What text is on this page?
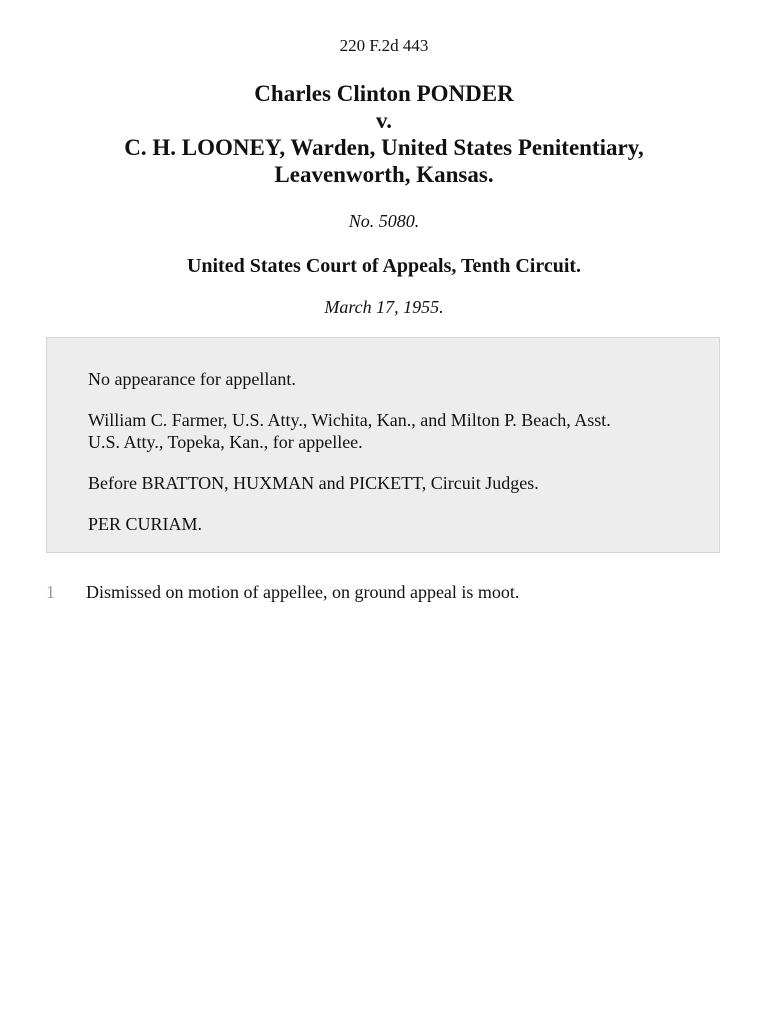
220 F.2d 443
Charles Clinton PONDER
v.
C. H. LOONEY, Warden, United States Penitentiary,
Leavenworth, Kansas.
No. 5080.
United States Court of Appeals, Tenth Circuit.
March 17, 1955.

No appearance for appellant.

William C. Farmer, U.S. Atty., Wichita, Kan., and Milton P. Beach, Asst.
U.S. Atty., Topeka, Kan., for appellee.

Before BRATTON, HUXMAN and PICKETT, Circuit Judges.

PER CURIAM.

1 Dismissed on motion of appellee, on ground appeal is moot.
